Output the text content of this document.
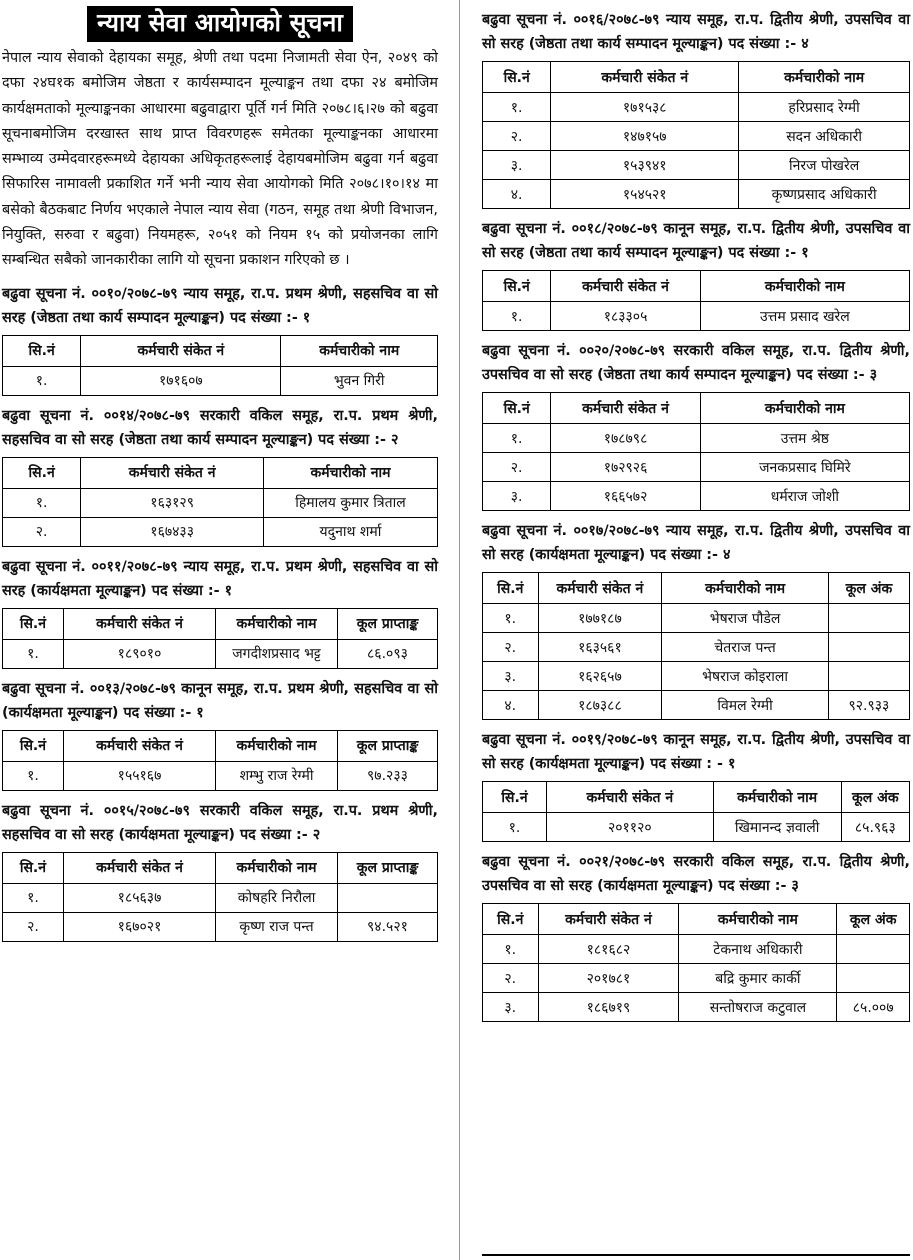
न्याय सेवा आयोगको सूचना

नेपाल न्याय सेवाको देहायका समूह, श्रेणी तथा पदमा निजामती सेवा ऐन, २०४९ को दफा २४घ१क बमोजिम जेष्ठता र कार्यसम्पादन मूल्याङ्कन तथा दफा २४ बमोजिम कार्यक्षमताको मूल्याङ्कनका आधारमा बढुवाद्वारा पूर्ति गर्न मिति २०७८।६।२७ को बढुवा सूचनाबमोजिम दरखास्त साथ प्राप्त विवरणहरू समेतका मूल्याङ्कनका आधारमा सम्भाव्य उम्मेदवारहरूमध्ये देहायका अधिकृतहरूलाई देहायबमोजिम बढुवा गर्न बढुवा सिफारिस नामावली प्रकाशित गर्ने भनी न्याय सेवा आयोगको मिति २०७८।१०।१४ मा बसेको बैठकबाट निर्णय भएकाले नेपाल न्याय सेवा (गठन, समूह तथा श्रेणी विभाजन, नियुक्ति, सरुवा र बढुवा) नियमहरू, २०५१ को नियम १५ को प्रयोजनका लागि सम्बन्धित सबैको जानकारीका लागि यो सूचना प्रकाशन गरिएको छ ।

बढुवा सूचना नं. ००१०/२०७८-७९ न्याय समूह, रा.प. प्रथम श्रेणी, सहसचिव वा सो सरह (जेष्ठता तथा कार्य सम्पादन मूल्याङ्कन) पद संख्या :- १

सि.नं	कर्मचारी संकेत नं	कर्मचारीको नाम
१.	१७१६०७	भुवन गिरी

बढुवा सूचना नं. ००१४/२०७८-७९ सरकारी वकिल समूह, रा.प. प्रथम श्रेणी, सहसचिव वा सो सरह (जेष्ठता तथा कार्य सम्पादन मूल्याङ्कन) पद संख्या :- २

सि.नं	कर्मचारी संकेत नं	कर्मचारीको नाम
१.	१६३१२९	हिमालय कुमार त्रिताल
२.	१६७४३३	यदुनाथ शर्मा

बढुवा सूचना नं. ००११/२०७८-७९ न्याय समूह, रा.प. प्रथम श्रेणी, सहसचिव वा सो सरह (कार्यक्षमता मूल्याङ्कन) पद संख्या :- १

सि.नं	कर्मचारी संकेत नं	कर्मचारीको नाम	कूल प्राप्ताङ्क
१.	१८९०१०	जगदीशप्रसाद भट्ट	८६.०९३

बढुवा सूचना नं. ००१३/२०७८-७९ कानून समूह, रा.प. प्रथम श्रेणी, सहसचिव वा सो (कार्यक्षमता मूल्याङ्कन) पद संख्या :- १

सि.नं	कर्मचारी संकेत नं	कर्मचारीको नाम	कूल प्राप्ताङ्क
१.	१५५१६७	शम्भु राज रेग्मी	९७.२३३

बढुवा सूचना नं. ००१५/२०७८-७९ सरकारी वकिल समूह, रा.प. प्रथम श्रेणी, सहसचिव वा सो सरह (कार्यक्षमता मूल्याङ्कन) पद संख्या :- २

सि.नं	कर्मचारी संकेत नं	कर्मचारीको नाम	कूल प्राप्ताङ्क
१.	१८५६३७	कोषहरि निरौला	
२.	१६७०२१	कृष्ण राज पन्त	९४.५२१

बढुवा सूचना नं. ००१६/२०७८-७९ न्याय समूह, रा.प. द्वितीय श्रेणी, उपसचिव वा सो सरह (जेष्ठता तथा कार्य सम्पादन मूल्याङ्कन) पद संख्या :- ४

सि.नं	कर्मचारी संकेत नं	कर्मचारीको नाम
१.	१७१५३८	हरिप्रसाद रेग्मी
२.	१४७१५७	सदन अधिकारी
३.	१५३९४१	निरज पोखरेल
४.	१५४५२१	कृष्णप्रसाद अधिकारी

बढुवा सूचना नं. ००१८/२०७८-७९ कानून समूह, रा.प. द्वितीय श्रेणी, उपसचिव वा सो सरह (जेष्ठता तथा कार्य सम्पादन मूल्याङ्कन) पद संख्या :- १

सि.नं	कर्मचारी संकेत नं	कर्मचारीको नाम
१.	१८३३०५	उत्तम प्रसाद खरेल

बढुवा सूचना नं. ००२०/२०७८-७९ सरकारी वकिल समूह, रा.प. द्वितीय श्रेणी, उपसचिव वा सो सरह (जेष्ठता तथा कार्य सम्पादन मूल्याङ्कन) पद संख्या :- ३

सि.नं	कर्मचारी संकेत नं	कर्मचारीको नाम
१.	१७८७९८	उत्तम श्रेष्ठ
२.	१७२९२६	जनकप्रसाद घिमिरे
३.	१६६५७२	धर्मराज जोशी

बढुवा सूचना नं. ००१७/२०७८-७९ न्याय समूह, रा.प. द्वितीय श्रेणी, उपसचिव वा सो सरह (कार्यक्षमता मूल्याङ्कन) पद संख्या :- ४

सि.नं	कर्मचारी संकेत नं	कर्मचारीको नाम	कूल अंक
१.	१७७१८७	भेषराज पौडेल	
२.	१६३५६१	चेतराज पन्त	
३.	१६२६५७	भेषराज कोइराला	
४.	१८७३८८	विमल रेग्मी	९२.९३३

बढुवा सूचना नं. ००१९/२०७८-७९ कानून समूह, रा.प. द्वितीय श्रेणी, उपसचिव वा सो सरह (कार्यक्षमता मूल्याङ्कन) पद संख्या : - १

सि.नं	कर्मचारी संकेत नं	कर्मचारीको नाम	कूल अंक
१.	२०११२०	खिमानन्द ज्ञवाली	८५.९६३

बढुवा सूचना नं. ००२१/२०७८-७९ सरकारी वकिल समूह, रा.प. द्वितीय श्रेणी, उपसचिव वा सो सरह (कार्यक्षमता मूल्याङ्कन) पद संख्या :- ३

सि.नं	कर्मचारी संकेत नं	कर्मचारीको नाम	कूल अंक
१.	१८१६८२	टेकनाथ अधिकारी	
२.	२०१७८१	बद्रि कुमार कार्की	
३.	१८६७१९	सन्तोषराज कटुवाल	८५.००७
